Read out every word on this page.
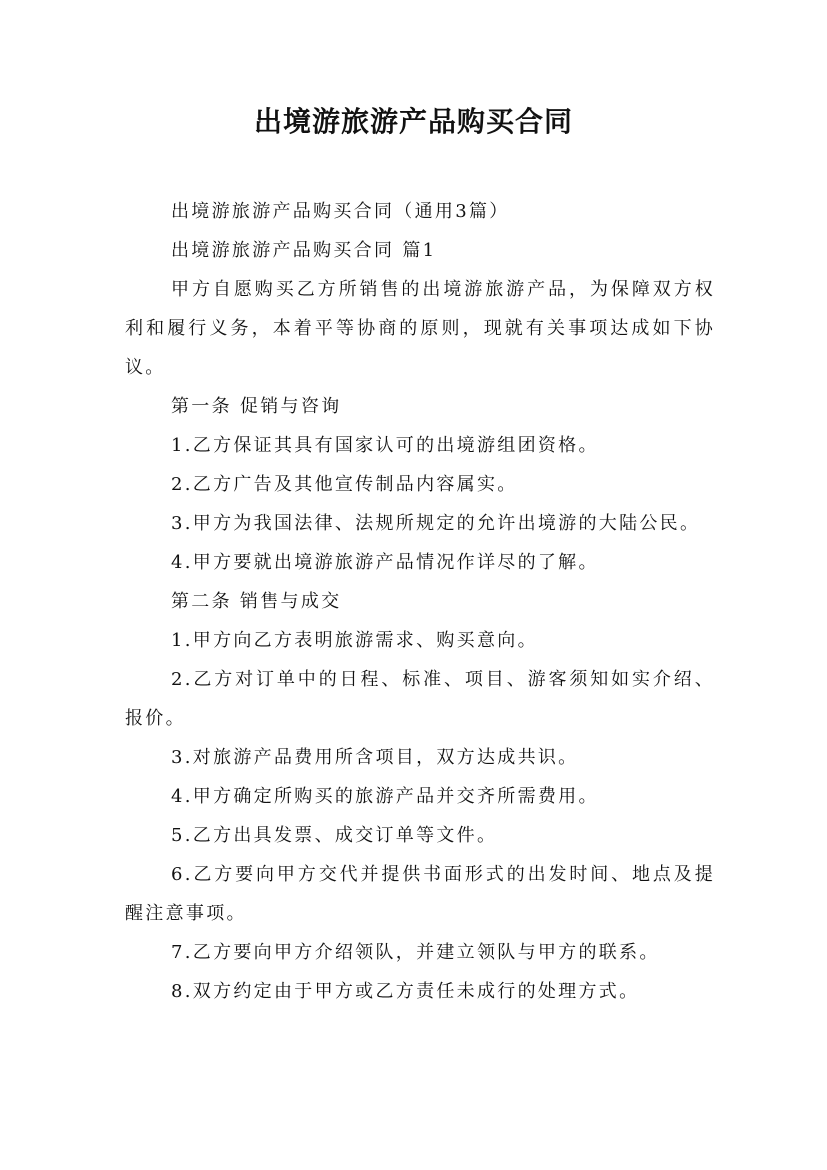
出境游旅游产品购买合同

出境游旅游产品购买合同（通用3篇）

出境游旅游产品购买合同 篇1

甲方自愿购买乙方所销售的出境游旅游产品，为保障双方权利和履行义务，本着平等协商的原则，现就有关事项达成如下协议。

第一条 促销与咨询

1.乙方保证其具有国家认可的出境游组团资格。

2.乙方广告及其他宣传制品内容属实。

3.甲方为我国法律、法规所规定的允许出境游的大陆公民。

4.甲方要就出境游旅游产品情况作详尽的了解。

第二条 销售与成交

1.甲方向乙方表明旅游需求、购买意向。

2.乙方对订单中的日程、标准、项目、游客须知如实介绍、报价。

3.对旅游产品费用所含项目，双方达成共识。

4.甲方确定所购买的旅游产品并交齐所需费用。

5.乙方出具发票、成交订单等文件。

6.乙方要向甲方交代并提供书面形式的出发时间、地点及提醒注意事项。

7.乙方要向甲方介绍领队，并建立领队与甲方的联系。

8.双方约定由于甲方或乙方责任未成行的处理方式。
